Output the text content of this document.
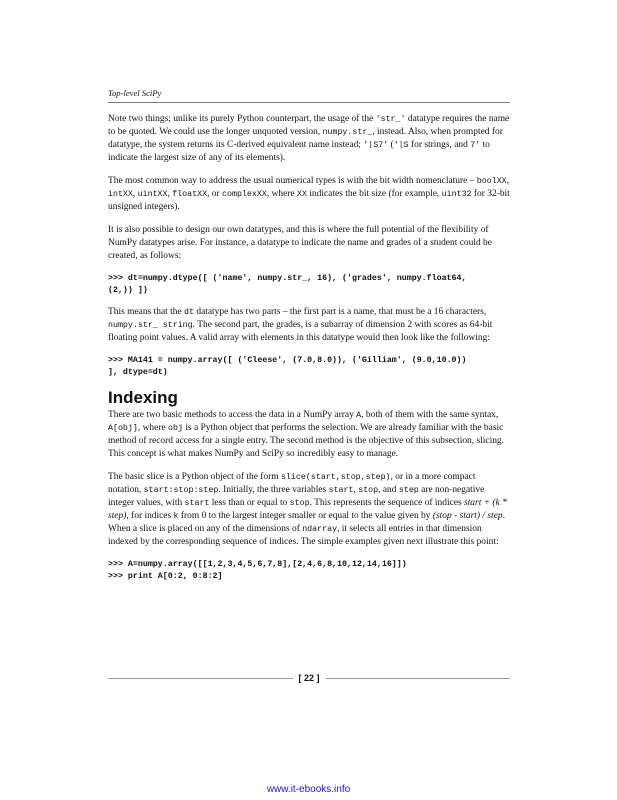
Top-level SciPy

Note two things; unlike its purely Python counterpart, the usage of the 'str_' datatype requires the name to be quoted. We could use the longer unquoted version, numpy.str_, instead. Also, when prompted for datatype, the system returns its C-derived equivalent name instead; '|S7' ('|S for strings, and 7' to indicate the largest size of any of its elements).

The most common way to address the usual numerical types is with the bit width nomenclature – boolXX, intXX, uintXX, floatXX, or complexXX, where XX indicates the bit size (for example, uint32 for 32-bit unsigned integers).

It is also possible to design our own datatypes, and this is where the full potential of the flexibility of NumPy datatypes arise. For instance, a datatype to indicate the name and grades of a student could be created, as follows:

>>> dt=numpy.dtype([ ('name', numpy.str_, 16), ('grades', numpy.float64,
(2,)) ])

This means that the dt datatype has two parts – the first part is a name, that must be a 16 characters, numpy.str_ string. The second part, the grades, is a subarray of dimension 2 with scores as 64-bit floating point values. A valid array with elements in this datatype would then look like the following:

>>> MA141 = numpy.array([ ('Cleese', (7.0,8.0)), ('Gilliam', (9.0,10.0))
], dtype=dt)
Indexing

There are two basic methods to access the data in a NumPy array A, both of them with the same syntax, A[obj], where obj is a Python object that performs the selection. We are already familiar with the basic method of record access for a single entry. The second method is the objective of this subsection, slicing. This concept is what makes NumPy and SciPy so incredibly easy to manage.

The basic slice is a Python object of the form slice(start,stop,step), or in a more compact notation, start:stop:step. Initially, the three variables start, stop, and step are non-negative integer values, with start less than or equal to stop. This represents the sequence of indices start + (k * step), for indices k from 0 to the largest integer smaller or equal to the value given by (stop - start) / step. When a slice is placed on any of the dimensions of ndarray, it selects all entries in that dimension indexed by the corresponding sequence of indices. The simple examples given next illustrate this point:

>>> A=numpy.array([[1,2,3,4,5,6,7,8],[2,4,6,8,10,12,14,16]])
>>> print A[0:2, 0:8:2]
[ 22 ]
www.it-ebooks.info
